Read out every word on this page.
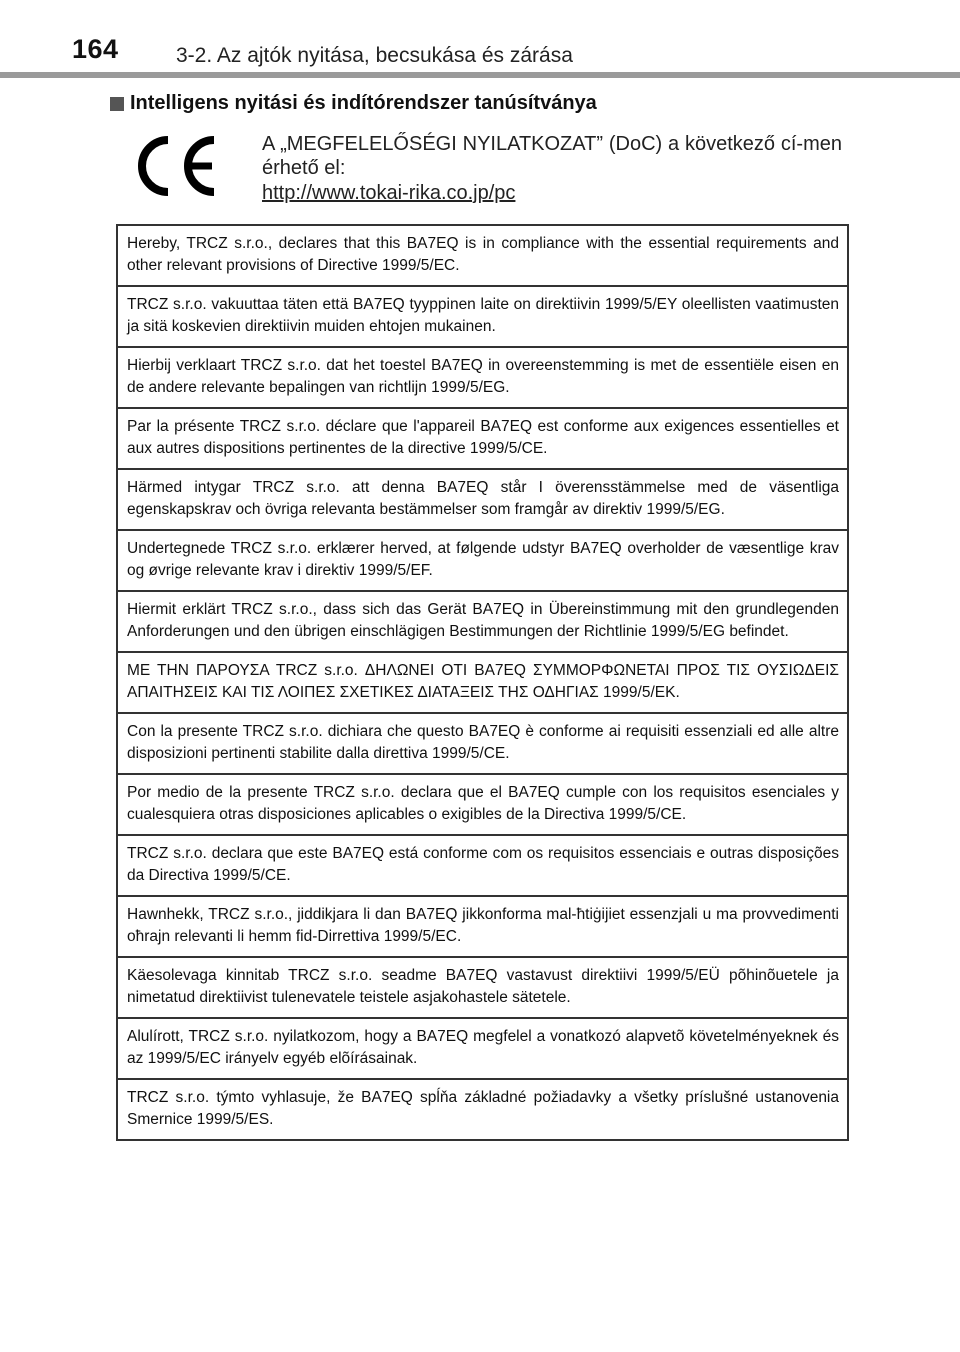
164	3-2. Az ajtók nyitása, becsukása és zárása
Intelligens nyitási és indítórendszer tanúsítványa
A „MEGFELELŐSÉGI NYILATKOZAT” (DoC) a következő cí-men érhető el:
http://www.tokai-rika.co.jp/pc
Hereby, TRCZ s.r.o., declares that this BA7EQ is in compliance with the essential requirements and other relevant provisions of Directive 1999/5/EC.
TRCZ s.r.o. vakuuttaa täten että BA7EQ tyyppinen laite on direktiivin 1999/5/EY oleellisten vaatimusten ja sitä koskevien direktiivin muiden ehtojen mukainen.
Hierbij verklaart TRCZ s.r.o. dat het toestel BA7EQ in overeenstemming is met de essentiële eisen en de andere relevante bepalingen van richtlijn 1999/5/EG.
Par la présente TRCZ s.r.o. déclare que l'appareil BA7EQ est conforme aux exigences essentielles et aux autres dispositions pertinentes de la directive 1999/5/CE.
Härmed intygar TRCZ s.r.o. att denna BA7EQ står I överensstämmelse med de väsentliga egenskapskrav och övriga relevanta bestämmelser som framgår av direktiv 1999/5/EG.
Undertegnede TRCZ s.r.o. erklærer herved, at følgende udstyr BA7EQ overholder de væsentlige krav og øvrige relevante krav i direktiv 1999/5/EF.
Hiermit erklärt TRCZ s.r.o., dass sich das Gerät BA7EQ in Übereinstimmung mit den grundlegenden Anforderungen und den übrigen einschlägigen Bestimmungen der Richtlinie 1999/5/EG befindet.
ΜΕ ΤΗΝ ΠΑΡΟΥΣΑ TRCZ s.r.o. ΔΗΛΩΝΕΙ ΟΤΙ BA7EQ ΣΥΜΜΟΡΦΩΝΕΤΑΙ ΠΡΟΣ ΤΙΣ ΟΥΣΙΩΔΕΙΣ ΑΠΑΙΤΗΣΕΙΣ ΚΑΙ ΤΙΣ ΛΟΙΠΕΣ ΣΧΕΤΙΚΕΣ ΔΙΑΤΑΞΕΙΣ ΤΗΣ ΟΔΗΓΙΑΣ 1999/5/ΕΚ.
Con la presente TRCZ s.r.o. dichiara che questo BA7EQ è conforme ai requisiti essenziali ed alle altre disposizioni pertinenti stabilite dalla direttiva 1999/5/CE.
Por medio de la presente TRCZ s.r.o. declara que el BA7EQ cumple con los requisitos esenciales y cualesquiera otras disposiciones aplicables o exigibles de la Directiva 1999/5/CE.
TRCZ s.r.o. declara que este BA7EQ está conforme com os requisitos essenciais e outras disposições da Directiva 1999/5/CE.
Hawnhekk, TRCZ s.r.o., jiddikjara li dan BA7EQ jikkonforma mal-ħtiġijiet essenzjali u ma provvedimenti oħrajn relevanti li hemm fid-Dirrettiva 1999/5/EC.
Käesolevaga kinnitab TRCZ s.r.o. seadme BA7EQ vastavust direktiivi 1999/5/EÜ põhinõuetele ja nimetatud direktiivist tulenevatele teistele asjakohastele sätetele.
Alulírott, TRCZ s.r.o. nyilatkozom, hogy a BA7EQ megfelel a vonatkozó alapvetõ követelményeknek és az 1999/5/EC irányelv egyéb elõírásainak.
TRCZ s.r.o. týmto vyhlasuje, že BA7EQ spĺňa základné požiadavky a všetky príslušné ustanovenia Smernice 1999/5/ES.
